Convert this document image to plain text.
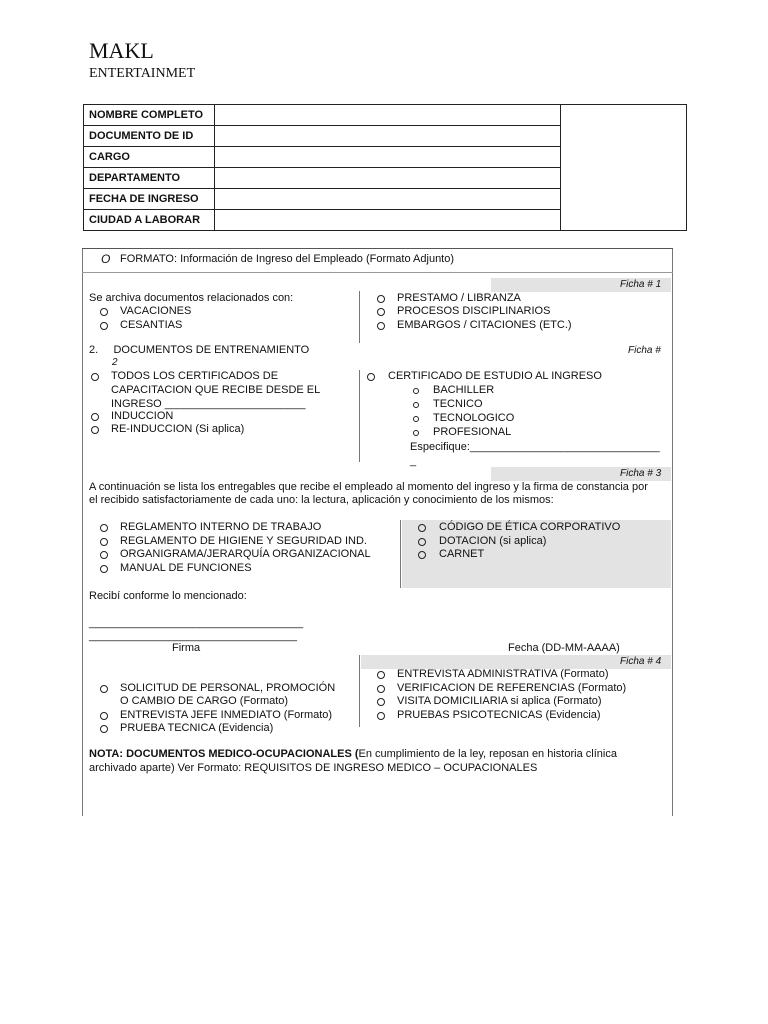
MAKL
ENTERTAINMET
NOMBRE COMPLETO		
DOCUMENTO DE ID		
CARGO		
DEPARTAMENTO		
FECHA DE INGRESO		
CIUDAD A LABORAR		
O FORMATO: Información de Ingreso del Empleado (Formato Adjunto)
Ficha # 1
Se archiva documentos relacionados con:
VACACIONES
CESANTIAS
PRESTAMO / LIBRANZA
PROCESOS DISCIPLINARIOS
EMBARGOS / CITACIONES (ETC.)
2.     DOCUMENTOS DE ENTRENAMIENTO	Ficha #
2
TODOS LOS CERTIFICADOS DE
CAPACITACION QUE RECIBE DESDE EL
INGRESO _______________________
INDUCCION
RE-INDUCCION (Si aplica)
CERTIFICADO DE ESTUDIO AL INGRESO
BACHILLER
TECNICO
TECNOLOGICO
PROFESIONAL
Especifique:_______________________________
_
Ficha # 3
A continuación se lista los entregables que recibe el empleado al momento del ingreso y la firma de constancia por
el recibido satisfactoriamente de cada uno: la lectura, aplicación y conocimiento de los mismos:
REGLAMENTO INTERNO DE TRABAJO
REGLAMENTO DE HIGIENE Y SEGURIDAD IND.
ORGANIGRAMA/JERARQUÍA ORGANIZACIONAL
MANUAL DE FUNCIONES
CÓDIGO DE ÉTICA CORPORATIVO
DOTACION (si aplica)
CARNET
Recibí conforme lo mencionado:
___________________________________
__________________________________
Firma	Fecha (DD-MM-AAAA)
Ficha # 4
ENTREVISTA ADMINISTRATIVA (Formato)
VERIFICACION DE REFERENCIAS (Formato)
VISITA DOMICILIARIA si aplica (Formato)
PRUEBAS PSICOTECNICAS (Evidencia)
SOLICITUD DE PERSONAL, PROMOCIÓN
O CAMBIO DE CARGO (Formato)
ENTREVISTA JEFE INMEDIATO (Formato)
PRUEBA TECNICA (Evidencia)
NOTA: DOCUMENTOS MEDICO-OCUPACIONALES (En cumplimiento de la ley, reposan en historia clínica
archivado aparte) Ver Formato: REQUISITOS DE INGRESO MEDICO – OCUPACIONALES
